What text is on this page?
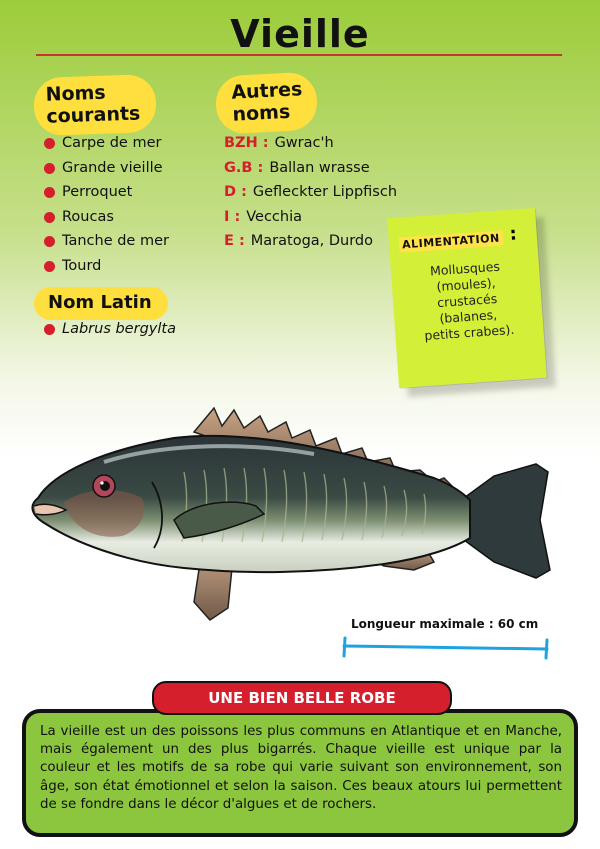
Vieille
Noms
courants
Carpe de mer
Grande vieille
Perroquet
Roucas
Tanche de mer
Tourd
Autres
noms
BZH : Gwrac'h
G.B : Ballan wrasse
D : Gefleckter Lippfisch
I : Vecchia
E : Maratoga, Durdo
Nom Latin
Labrus bergylta
ALIMENTATION :
Mollusques
(moules),
crustacés
(balanes,
petits crabes).
Longueur maximale : 60 cm

La vieille est un des poissons les plus communs en Atlantique et en Manche, mais également un des plus bigarrés. Chaque vieille est unique par la couleur et les motifs de sa robe qui varie suivant son environnement, son âge, son état émotionnel et selon la saison. Ces beaux atours lui permettent de se fondre dans le décor d'algues et de rochers.

UNE BIEN BELLE ROBE
